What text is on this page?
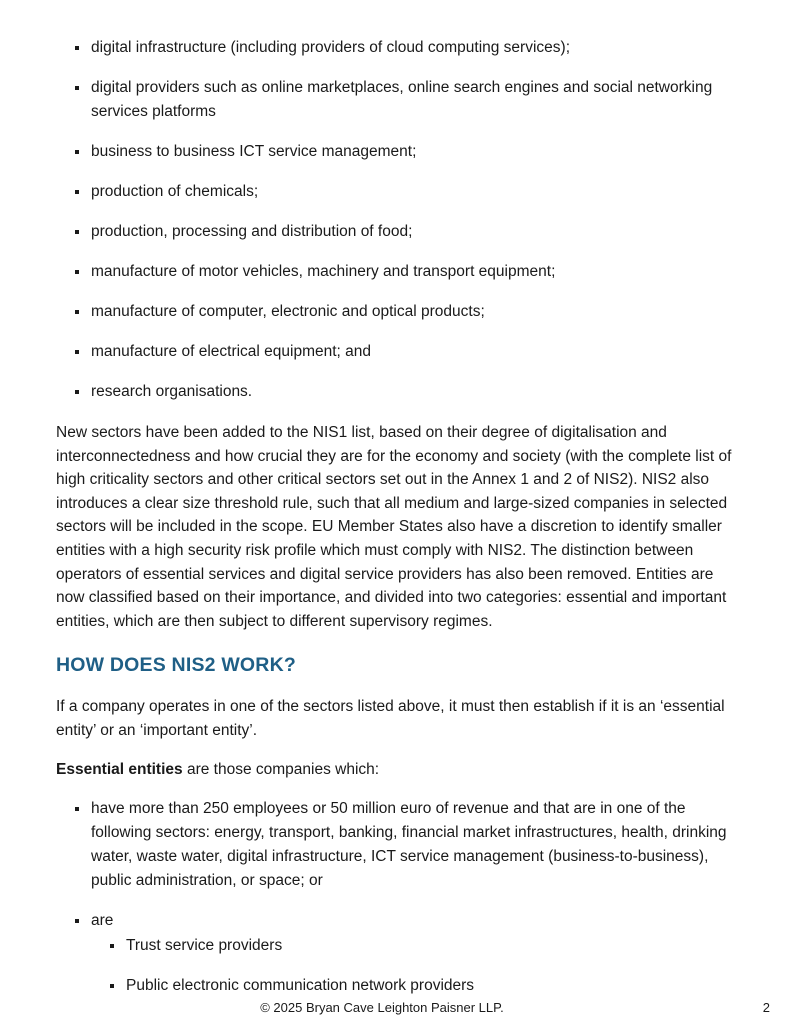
digital infrastructure (including providers of cloud computing services);
digital providers such as online marketplaces, online search engines and social networking services platforms
business to business ICT service management;
production of chemicals;
production, processing and distribution of food;
manufacture of motor vehicles, machinery and transport equipment;
manufacture of computer, electronic and optical products;
manufacture of electrical equipment; and
research organisations.

New sectors have been added to the NIS1 list, based on their degree of digitalisation and interconnectedness and how crucial they are for the economy and society (with the complete list of high criticality sectors and other critical sectors set out in the Annex 1 and 2 of NIS2). NIS2 also introduces a clear size threshold rule, such that all medium and large-sized companies in selected sectors will be included in the scope. EU Member States also have a discretion to identify smaller entities with a high security risk profile which must comply with NIS2. The distinction between operators of essential services and digital service providers has also been removed. Entities are now classified based on their importance, and divided into two categories: essential and important entities, which are then subject to different supervisory regimes.

HOW DOES NIS2 WORK?

If a company operates in one of the sectors listed above, it must then establish if it is an ‘essential entity’ or an ‘important entity’.

Essential entities are those companies which:

have more than 250 employees or 50 million euro of revenue and that are in one of the following sectors: energy, transport, banking, financial market infrastructures, health, drinking water, waste water, digital infrastructure, ICT service management (business-to-business), public administration, or space; or
are
Trust service providers
Public electronic communication network providers
© 2025 Bryan Cave Leighton Paisner LLP.	2
